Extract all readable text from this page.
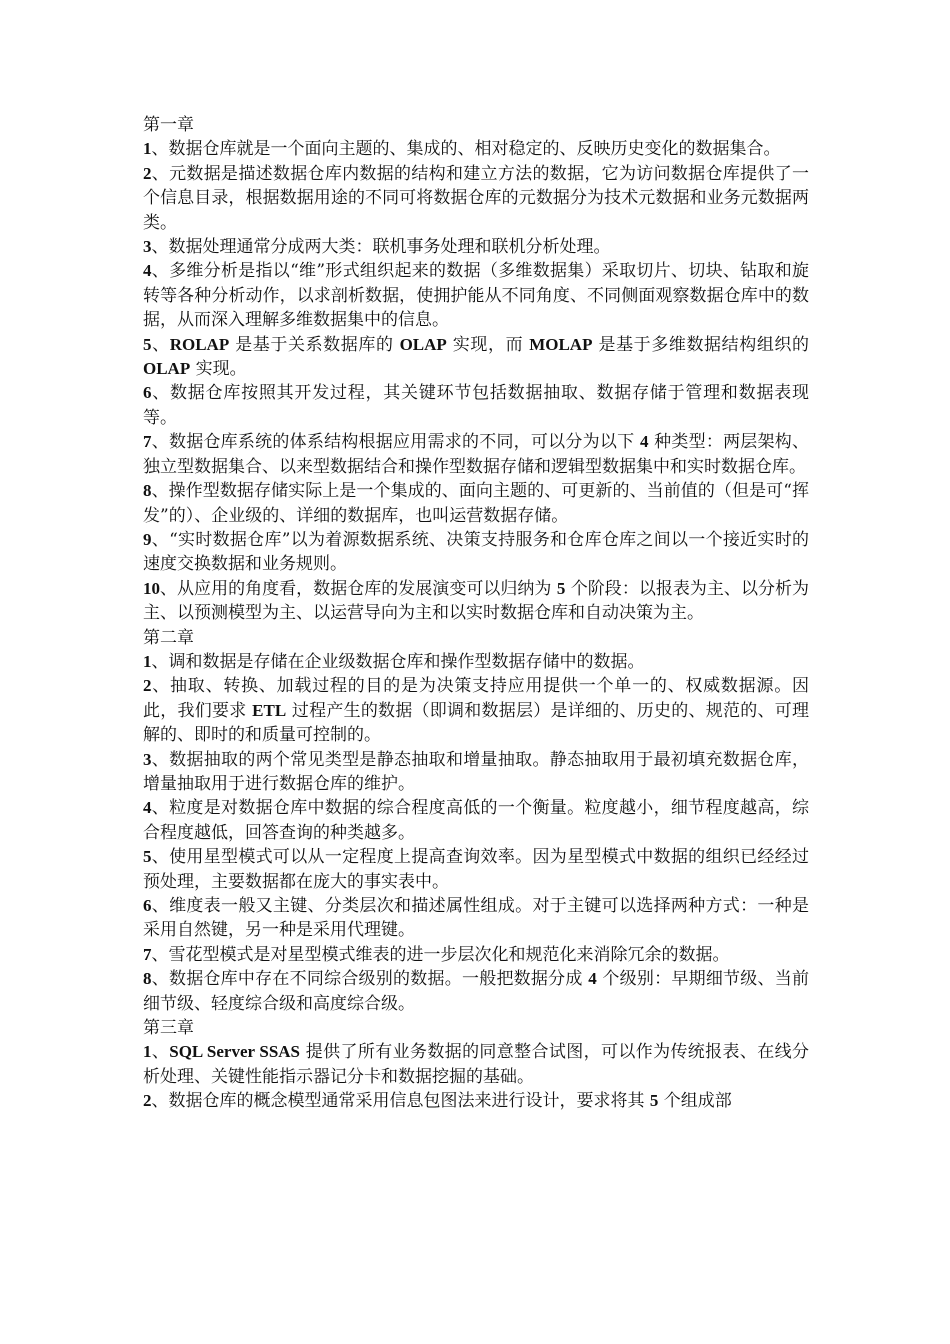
第一章

1、数据仓库就是一个面向主题的、集成的、相对稳定的、反映历史变化的数据集合。

2、元数据是描述数据仓库内数据的结构和建立方法的数据，它为访问数据仓库提供了一个信息目录，根据数据用途的不同可将数据仓库的元数据分为技术元数据和业务元数据两类。

3、数据处理通常分成两大类：联机事务处理和联机分析处理。

4、多维分析是指以“维”形式组织起来的数据（多维数据集）采取切片、切块、钻取和旋转等各种分析动作，以求剖析数据，使拥护能从不同角度、不同侧面观察数据仓库中的数据，从而深入理解多维数据集中的信息。

5、ROLAP 是基于关系数据库的 OLAP 实现，而 MOLAP 是基于多维数据结构组织的 OLAP 实现。

6、数据仓库按照其开发过程，其关键环节包括数据抽取、数据存储于管理和数据表现等。

7、数据仓库系统的体系结构根据应用需求的不同，可以分为以下 4 种类型：两层架构、独立型数据集合、以来型数据结合和操作型数据存储和逻辑型数据集中和实时数据仓库。

8、操作型数据存储实际上是一个集成的、面向主题的、可更新的、当前值的（但是可“挥发”的）、企业级的、详细的数据库，也叫运营数据存储。

9、“实时数据仓库”以为着源数据系统、决策支持服务和仓库仓库之间以一个接近实时的速度交换数据和业务规则。

10、从应用的角度看，数据仓库的发展演变可以归纳为 5 个阶段：以报表为主、以分析为主、以预测模型为主、以运营导向为主和以实时数据仓库和自动决策为主。

第二章

1、调和数据是存储在企业级数据仓库和操作型数据存储中的数据。

2、抽取、转换、加载过程的目的是为决策支持应用提供一个单一的、权威数据源。因此，我们要求 ETL 过程产生的数据（即调和数据层）是详细的、历史的、规范的、可理解的、即时的和质量可控制的。

3、数据抽取的两个常见类型是静态抽取和增量抽取。静态抽取用于最初填充数据仓库，增量抽取用于进行数据仓库的维护。

4、粒度是对数据仓库中数据的综合程度高低的一个衡量。粒度越小，细节程度越高，综合程度越低，回答查询的种类越多。

5、使用星型模式可以从一定程度上提高查询效率。因为星型模式中数据的组织已经经过预处理，主要数据都在庞大的事实表中。

6、维度表一般又主键、分类层次和描述属性组成。对于主键可以选择两种方式：一种是采用自然键，另一种是采用代理键。

7、雪花型模式是对星型模式维表的进一步层次化和规范化来消除冗余的数据。

8、数据仓库中存在不同综合级别的数据。一般把数据分成 4 个级别：早期细节级、当前细节级、轻度综合级和高度综合级。

第三章

1、SQL Server SSAS 提供了所有业务数据的同意整合试图，可以作为传统报表、在线分析处理、关键性能指示器记分卡和数据挖掘的基础。

2、数据仓库的概念模型通常采用信息包图法来进行设计，要求将其 5 个组成部
